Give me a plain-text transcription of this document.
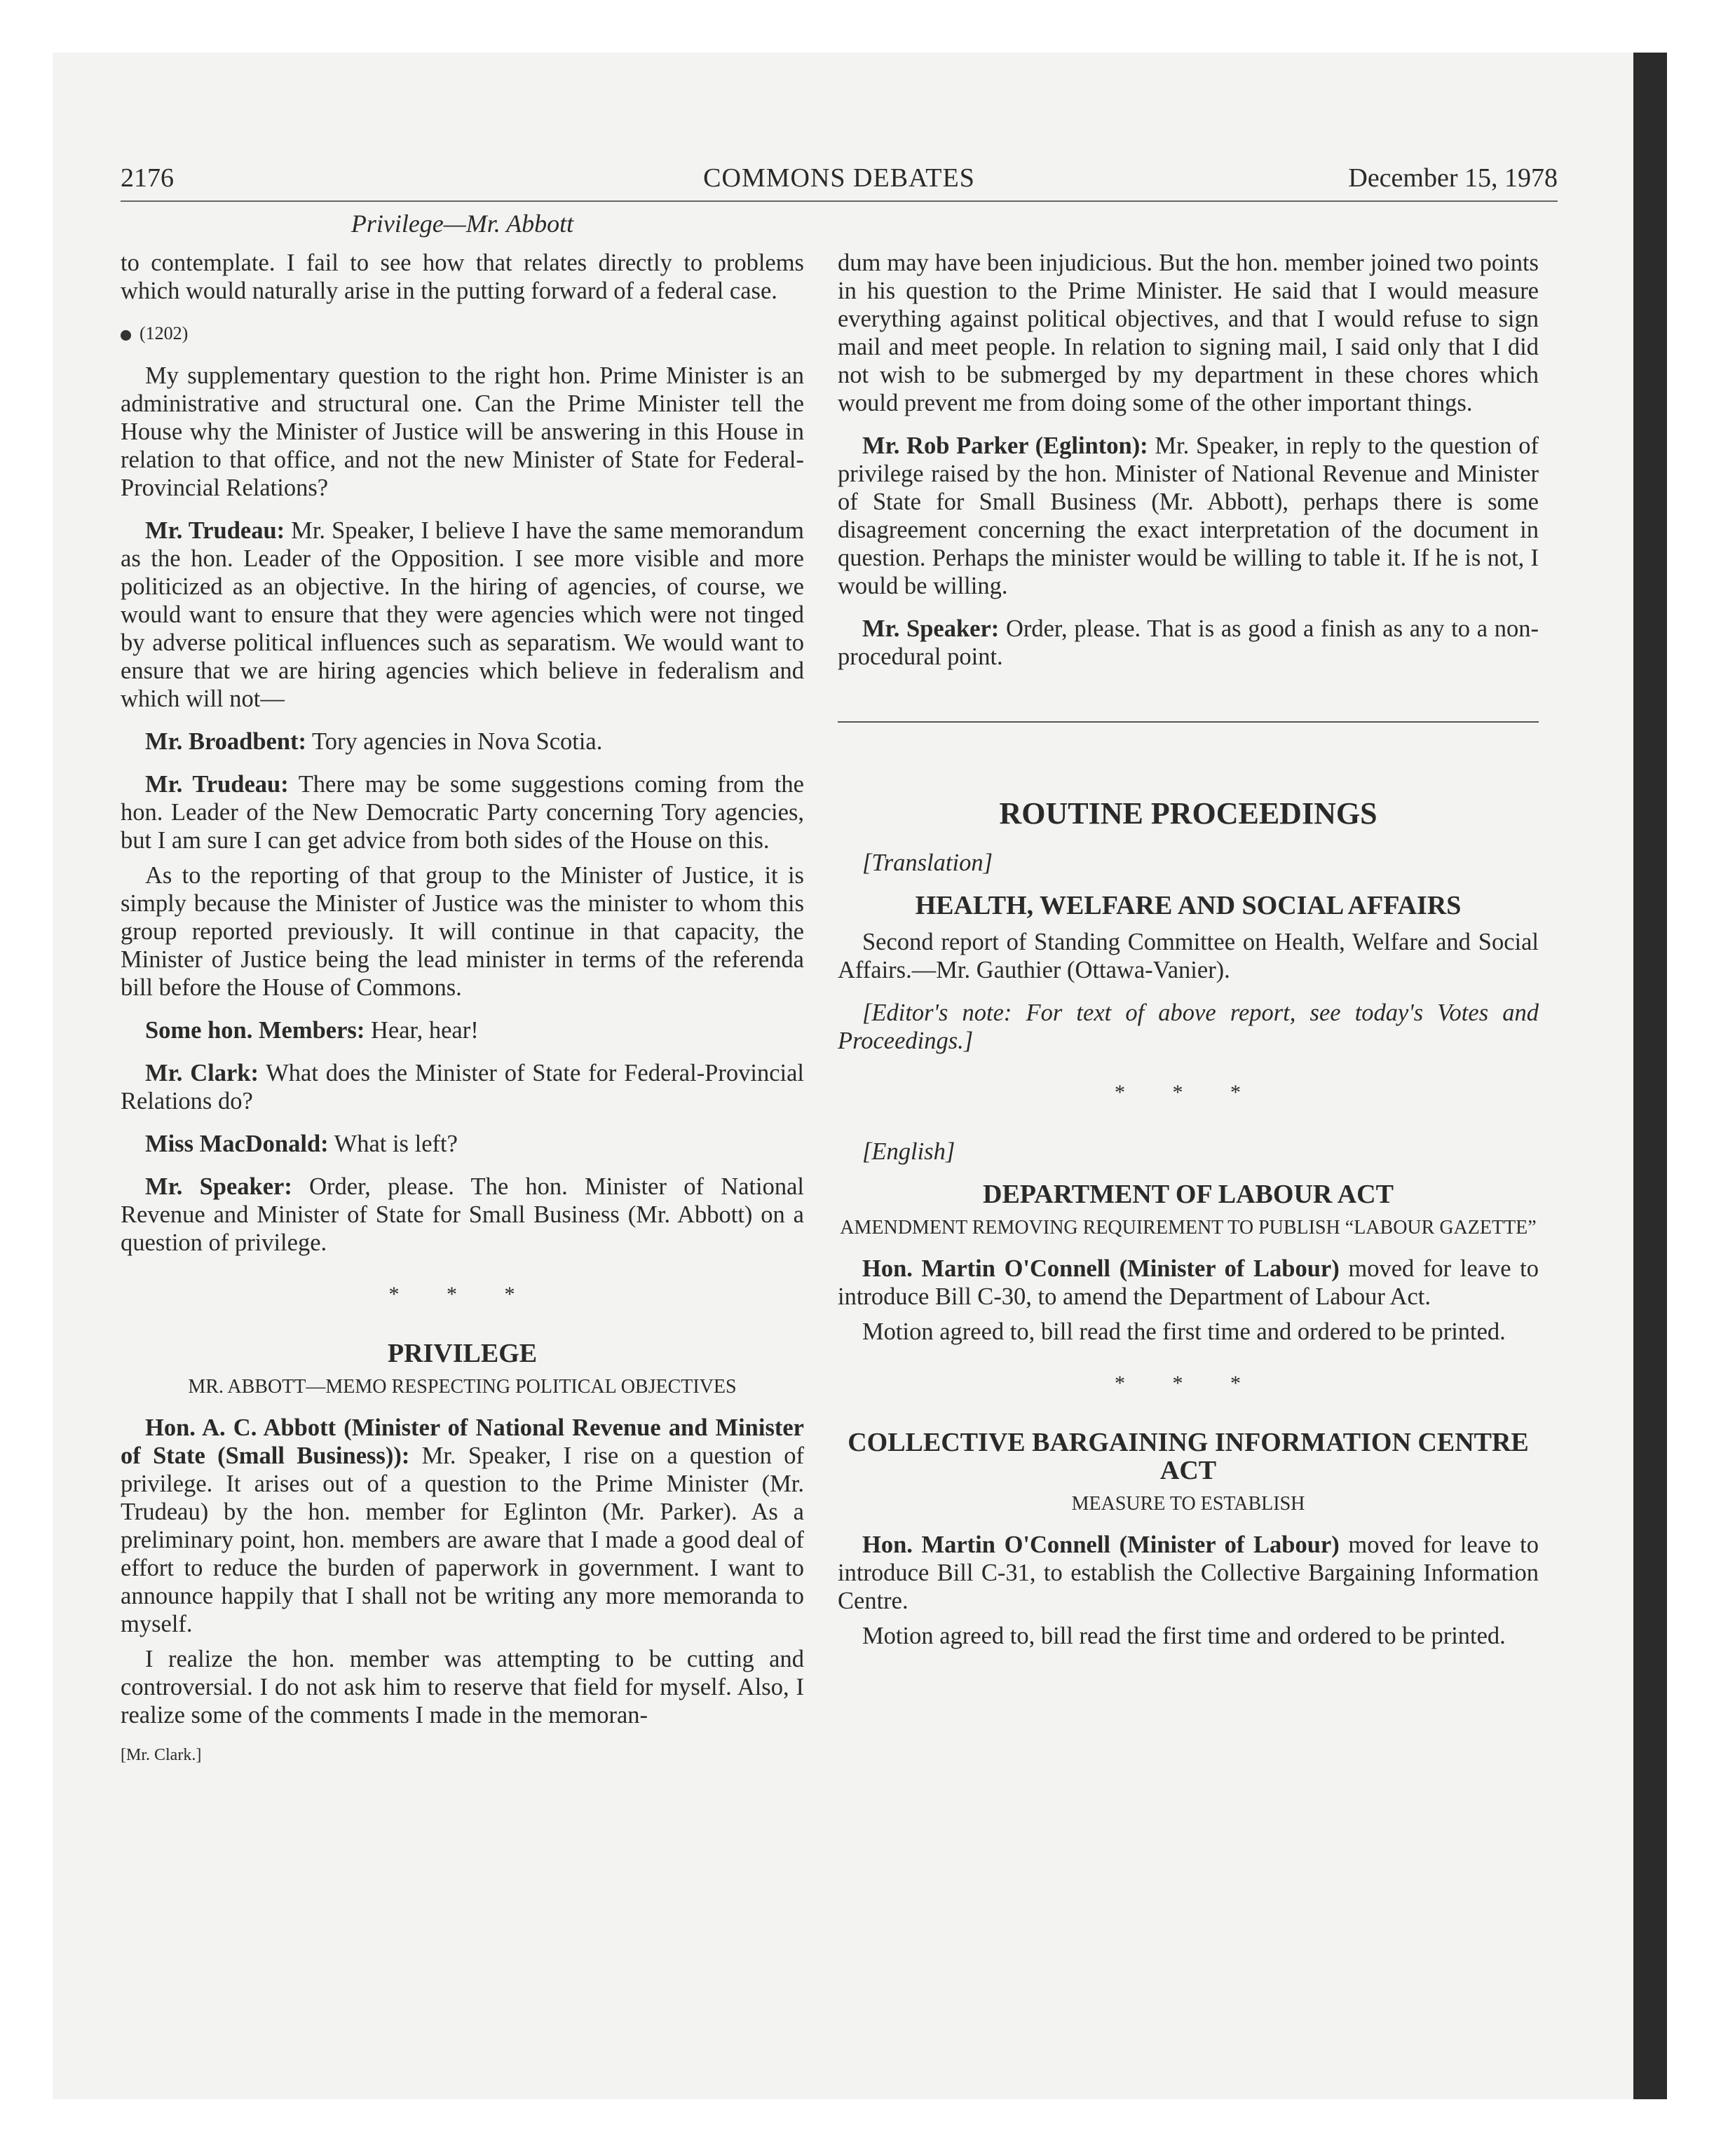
2176	COMMONS DEBATES	December 15, 1978
Privilege—Mr. Abbott

to contemplate. I fail to see how that relates directly to problems which would naturally arise in the putting forward of a federal case.

(1202)

My supplementary question to the right hon. Prime Minister is an administrative and structural one. Can the Prime Minister tell the House why the Minister of Justice will be answering in this House in relation to that office, and not the new Minister of State for Federal-Provincial Relations?

Mr. Trudeau: Mr. Speaker, I believe I have the same memorandum as the hon. Leader of the Opposition. I see more visible and more politicized as an objective. In the hiring of agencies, of course, we would want to ensure that they were agencies which were not tinged by adverse political influences such as separatism. We would want to ensure that we are hiring agencies which believe in federalism and which will not—

Mr. Broadbent: Tory agencies in Nova Scotia.

Mr. Trudeau: There may be some suggestions coming from the hon. Leader of the New Democratic Party concerning Tory agencies, but I am sure I can get advice from both sides of the House on this.

As to the reporting of that group to the Minister of Justice, it is simply because the Minister of Justice was the minister to whom this group reported previously. It will continue in that capacity, the Minister of Justice being the lead minister in terms of the referenda bill before the House of Commons.

Some hon. Members: Hear, hear!

Mr. Clark: What does the Minister of State for Federal-Provincial Relations do?

Miss MacDonald: What is left?

Mr. Speaker: Order, please. The hon. Minister of National Revenue and Minister of State for Small Business (Mr. Abbott) on a question of privilege.

* * *
PRIVILEGE
MR. ABBOTT—MEMO RESPECTING POLITICAL OBJECTIVES

Hon. A. C. Abbott (Minister of National Revenue and Minister of State (Small Business)): Mr. Speaker, I rise on a question of privilege. It arises out of a question to the Prime Minister (Mr. Trudeau) by the hon. member for Eglinton (Mr. Parker). As a preliminary point, hon. members are aware that I made a good deal of effort to reduce the burden of paperwork in government. I want to announce happily that I shall not be writing any more memoranda to myself.

I realize the hon. member was attempting to be cutting and controversial. I do not ask him to reserve that field for myself. Also, I realize some of the comments I made in the memoran-

[Mr. Clark.]

dum may have been injudicious. But the hon. member joined two points in his question to the Prime Minister. He said that I would measure everything against political objectives, and that I would refuse to sign mail and meet people. In relation to signing mail, I said only that I did not wish to be submerged by my department in these chores which would prevent me from doing some of the other important things.

Mr. Rob Parker (Eglinton): Mr. Speaker, in reply to the question of privilege raised by the hon. Minister of National Revenue and Minister of State for Small Business (Mr. Abbott), perhaps there is some disagreement concerning the exact interpretation of the document in question. Perhaps the minister would be willing to table it. If he is not, I would be willing.

Mr. Speaker: Order, please. That is as good a finish as any to a non-procedural point.

ROUTINE PROCEEDINGS

[Translation]

HEALTH, WELFARE AND SOCIAL AFFAIRS

Second report of Standing Committee on Health, Welfare and Social Affairs.—Mr. Gauthier (Ottawa-Vanier).

[Editor's note: For text of above report, see today's Votes and Proceedings.]

* * *

[English]

DEPARTMENT OF LABOUR ACT
AMENDMENT REMOVING REQUIREMENT TO PUBLISH “LABOUR GAZETTE”

Hon. Martin O'Connell (Minister of Labour) moved for leave to introduce Bill C-30, to amend the Department of Labour Act.

Motion agreed to, bill read the first time and ordered to be printed.

* * *
COLLECTIVE BARGAINING INFORMATION CENTRE ACT
MEASURE TO ESTABLISH

Hon. Martin O'Connell (Minister of Labour) moved for leave to introduce Bill C-31, to establish the Collective Bargaining Information Centre.

Motion agreed to, bill read the first time and ordered to be printed.
